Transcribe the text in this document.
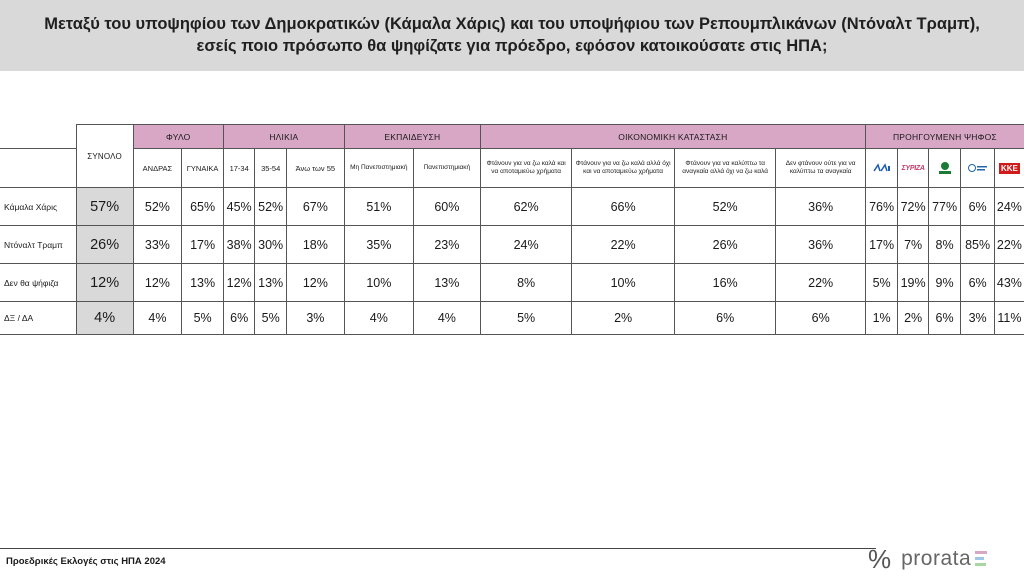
Μεταξύ του υποψηφίου των Δημοκρατικών (Κάμαλα Χάρις) και του υποψήφιου των Ρεπουμπλικάνων (Ντόναλτ Τραμπ), εσείς ποιο πρόσωπο θα ψηφίζατε για πρόεδρο, εφόσον κατοικούσατε στις ΗΠΑ;
	ΣΥΝΟΛΟ	ΦΥΛΟ		ΗΛΙΚΙΑ			ΕΚΠΑΙΔΕΥΣΗ		ΟΙΚΟΝΟΜΙΚΗ ΚΑΤΑΣΤΑΣΗ				ΠΡΟΗΓΟΥΜΕΝΗ ΨΗΦΟΣ				
		ΑΝΔΡΑΣ	ΓΥΝΑΙΚΑ	17-34	35-54	Άνω των 55	Μη Πανεπιστημιακή	Πανεπιστημιακή	Φτάνουν για να ζω καλά και να αποταμιεύω χρήματα	Φτάνουν για να ζω καλά αλλά όχι και να αποταμιεύω χρήματα	Φτάνουν για να καλύπτω τα αναγκαία αλλά όχι να ζω καλά	Δεν φτάνουν ούτε για να καλύπτω τα αναγκαία		ΣΥΡΙΖΑ			ΚΚΕ
Κάμαλα Χάρις	57%	52%	65%	45%	52%	67%	51%	60%	62%	66%	52%	36%	76%	72%	77%	6%	24%
Ντόναλτ Τραμπ	26%	33%	17%	38%	30%	18%	35%	23%	24%	22%	26%	36%	17%	7%	8%	85%	22%
Δεν θα ψήφιζα	12%	12%	13%	12%	13%	12%	10%	13%	8%	10%	16%	22%	5%	19%	9%	6%	43%
ΔΞ / ΔΑ	4%	4%	5%	6%	5%	3%	4%	4%	5%	2%	6%	6%	1%	2%	6%	3%	11%
Προεδρικές Εκλογές στις ΗΠΑ 2024	% prorata
